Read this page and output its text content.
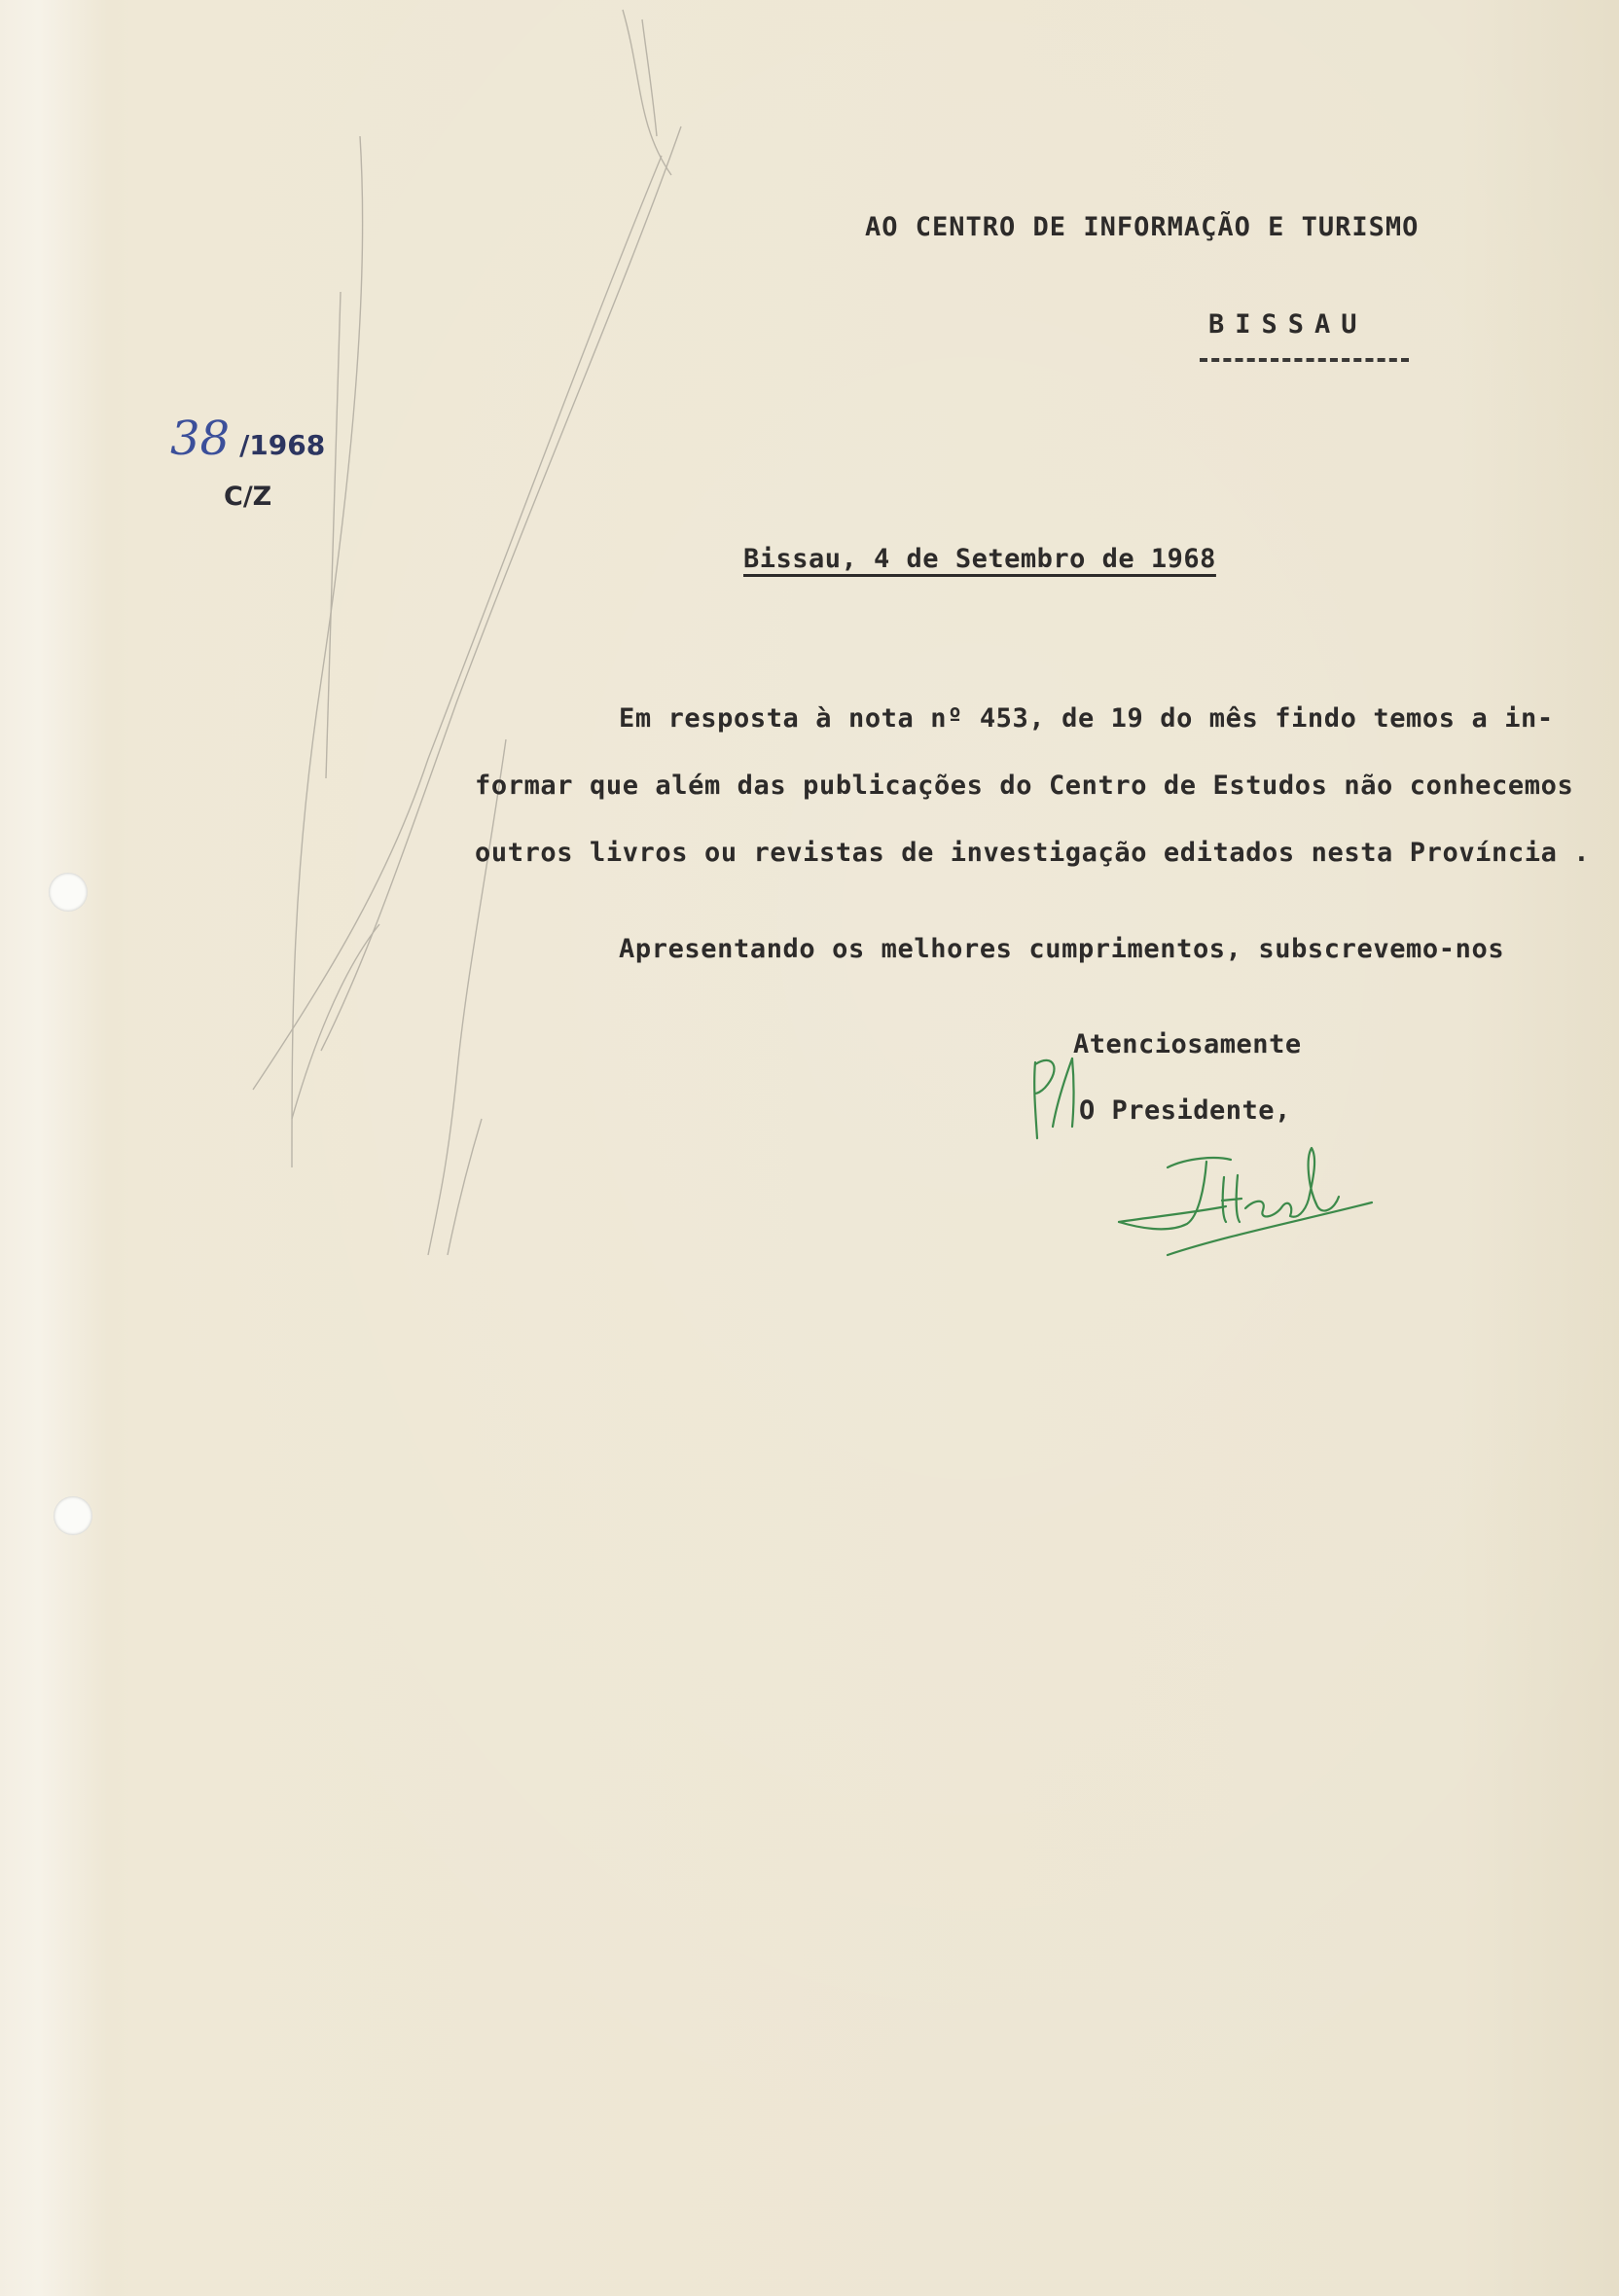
AO CENTRO DE INFORMAÇÃO E TURISMO
BISSAU
38 /1968
C/Z
Bissau, 4 de Setembro de 1968
Em resposta à nota nº 453, de 19 do mês findo temos a in-
formar que além das publicações do Centro de Estudos não conhecemos
outros livros ou revistas de investigação editados nesta Província .
Apresentando os melhores cumprimentos, subscrevemo-nos
Atenciosamente
O Presidente,
